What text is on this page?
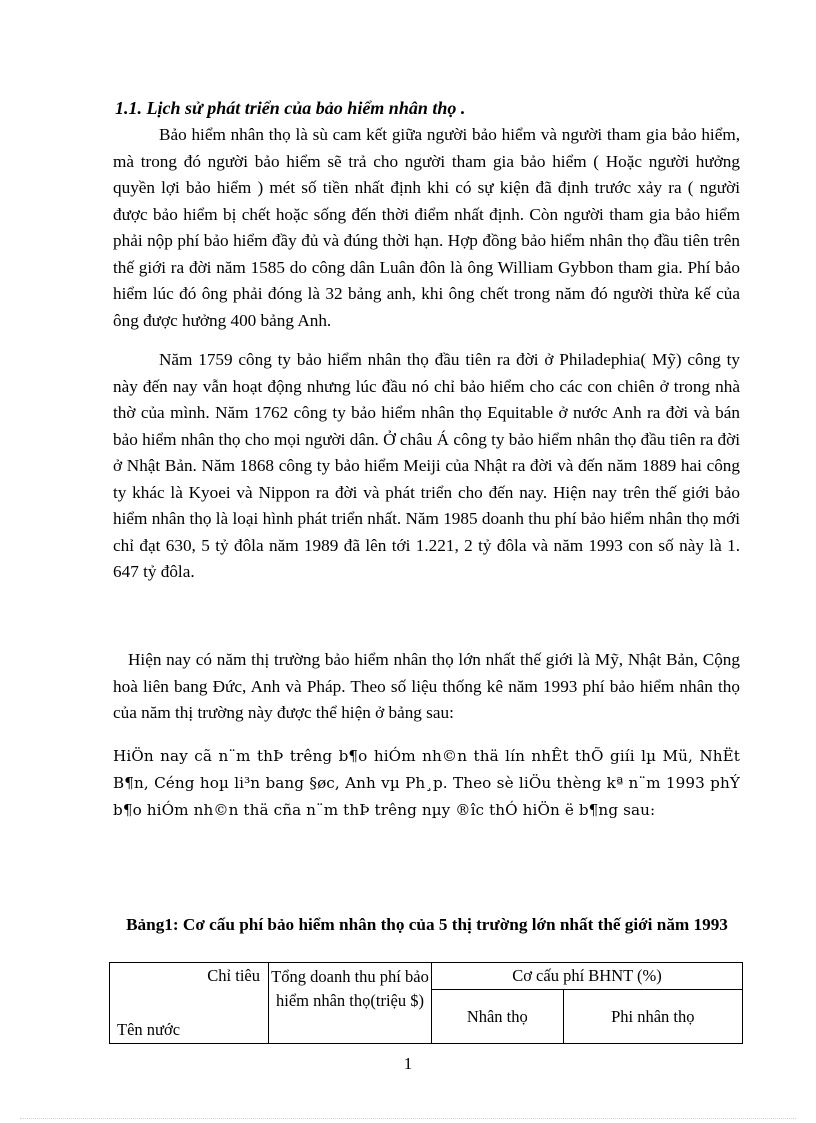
1.1. Lịch sử phát triển của bảo hiểm nhân thọ .

Bảo hiểm nhân thọ là sù cam kết giữa người bảo hiểm và người tham gia bảo hiểm, mà trong đó người bảo hiểm sẽ trả cho người tham gia bảo hiểm ( Hoặc người hưởng quyền lợi bảo hiểm ) mét số tiền nhất định khi có sự kiện đã định trước xảy ra ( người được bảo hiểm bị chết hoặc sống đến thời điểm nhất định. Còn người tham gia bảo hiểm phải nộp phí bảo hiểm đầy đủ và đúng thời hạn. Hợp đồng bảo hiểm nhân thọ đầu tiên trên thế giới ra đời năm 1585 do công dân Luân đôn là ông William Gybbon tham gia. Phí bảo hiểm lúc đó ông phải đóng là 32 bảng anh, khi ông chết trong năm đó người thừa kế của ông được hưởng 400 bảng Anh.

Năm 1759 công ty bảo hiểm nhân thọ đầu tiên ra đời ở Philadephia( Mỹ) công ty này đến nay vẫn hoạt động nhưng lúc đầu nó chỉ bảo hiểm cho các con chiên ở trong nhà thờ của mình. Năm 1762 công ty bảo hiểm nhân thọ Equitable ở nước Anh ra đời và bán bảo hiểm nhân thọ cho mọi người dân. Ở châu Á công ty bảo hiểm nhân thọ đầu tiên ra đời ở Nhật Bản. Năm 1868 công ty bảo hiểm Meiji của Nhật ra đời và đến năm 1889 hai công ty khác là Kyoei và Nippon ra đời và phát triển cho đến nay. Hiện nay trên thế giới bảo hiểm nhân thọ là loại hình phát triển nhất. Năm 1985 doanh thu phí bảo hiểm nhân thọ mới chỉ đạt 630, 5 tỷ đôla năm 1989 đã lên tới 1.221, 2 tỷ đôla và năm 1993 con số này là 1. 647 tỷ đôla.

Hiện nay có năm thị trường bảo hiểm nhân thọ lớn nhất thế giới là Mỹ, Nhật Bản, Cộng hoà liên bang Đức, Anh và Pháp. Theo số liệu thống kê năm 1993 phí bảo hiểm nhân thọ của năm thị trường này được thể hiện ở bảng sau:

HiÖn nay cã n¨m thÞ trêng b¶o hiÓm nh©n thä lín nhÊt thÕ giíi lµ Mü, NhËt B¶n, Céng hoµ li³n bang §øc, Anh vµ Ph¸p. Theo sè liÖu thèng kª n¨m 1993 phÝ b¶o hiÓm nh©n thä cña n¨m thÞ trêng nµy ®îc thÓ hiÖn ë b¶ng sau:

Bảng1: Cơ cấu phí bảo hiểm nhân thọ của 5 thị trường lớn nhất thế giới năm 1993

Chỉ tiêu
Tên nước	Tổng doanh thu phí bảo hiểm nhân thọ(triệu $)	Cơ cấu phí BHNT (%)	
		Nhân thọ	Phi nhân thọ

1
